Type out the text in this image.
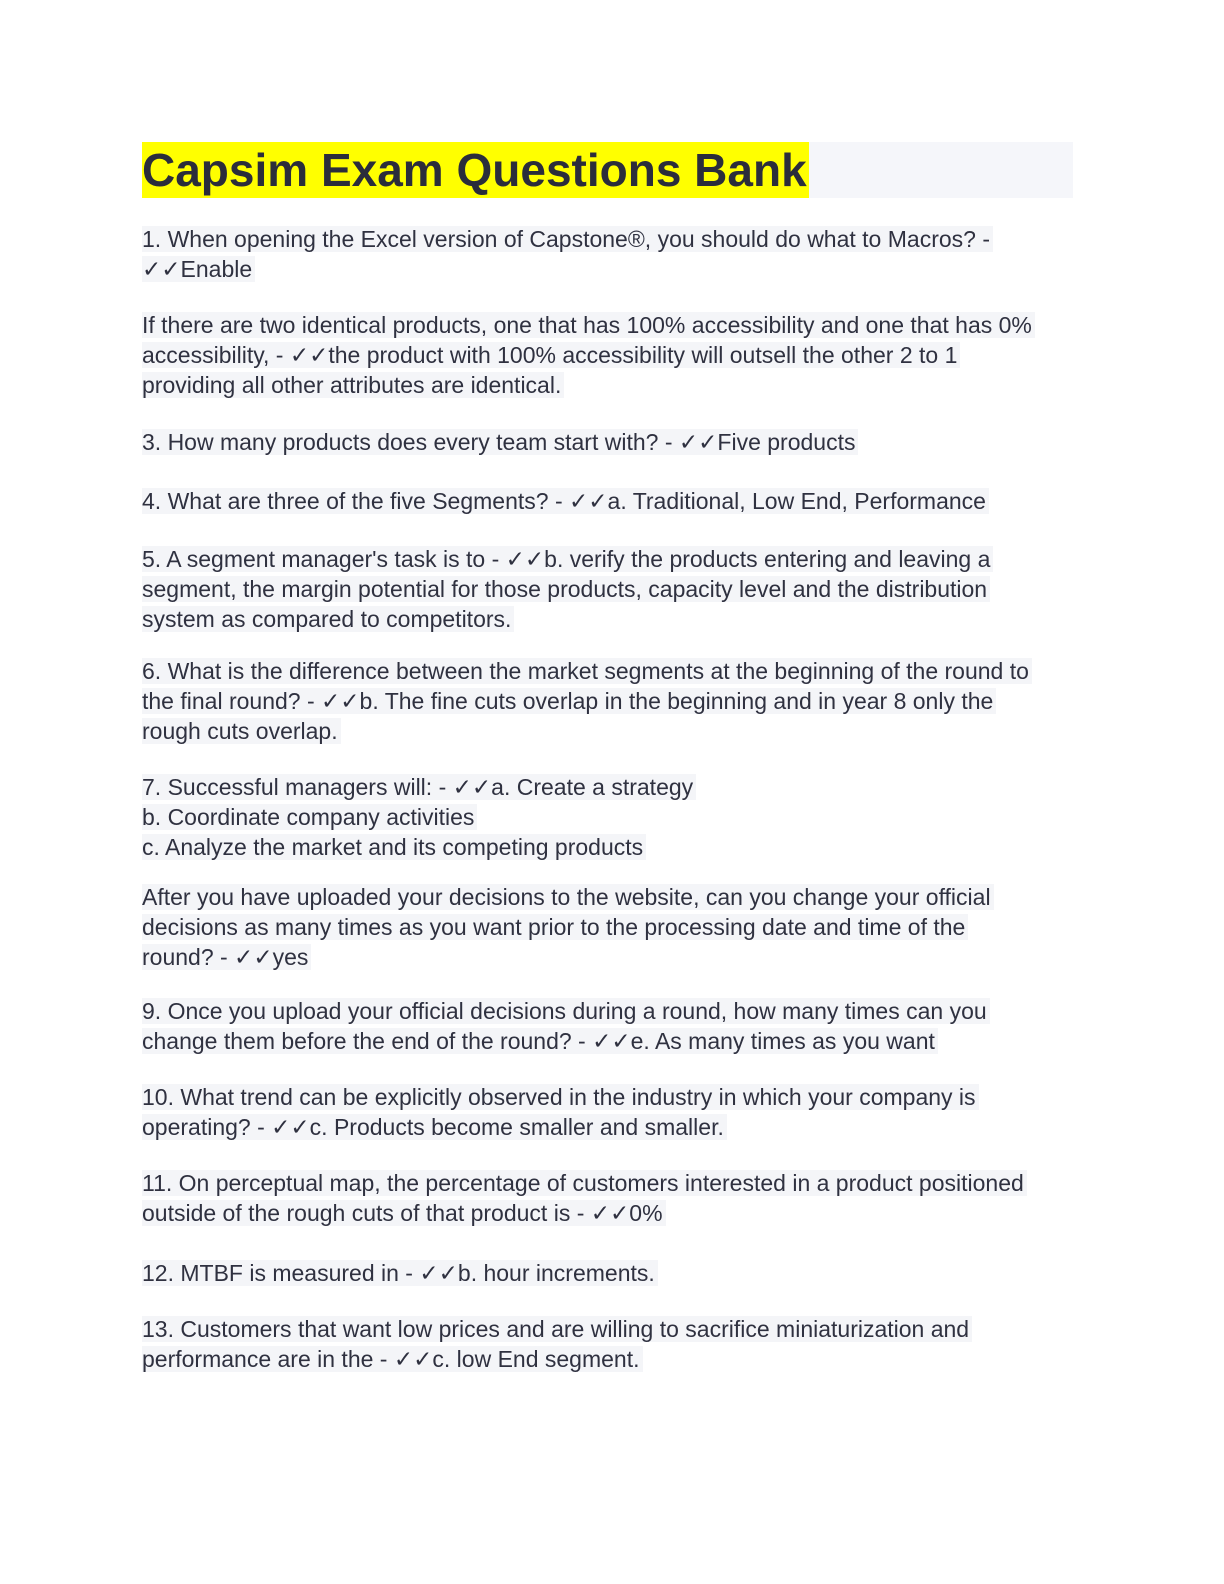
Capsim Exam Questions Bank
1. When opening the Excel version of Capstone®, you should do what to Macros? -
✓✓Enable
If there are two identical products, one that has 100% accessibility and one that has 0%
accessibility, - ✓✓the product with 100% accessibility will outsell the other 2 to 1
providing all other attributes are identical.
3. How many products does every team start with? - ✓✓Five products
4. What are three of the five Segments? - ✓✓a. Traditional, Low End, Performance
5. A segment manager's task is to - ✓✓b. verify the products entering and leaving a
segment, the margin potential for those products, capacity level and the distribution
system as compared to competitors.
6. What is the difference between the market segments at the beginning of the round to
the final round? - ✓✓b. The fine cuts overlap in the beginning and in year 8 only the
rough cuts overlap.
7. Successful managers will: - ✓✓a. Create a strategy
b. Coordinate company activities
c. Analyze the market and its competing products
After you have uploaded your decisions to the website, can you change your official
decisions as many times as you want prior to the processing date and time of the
round? - ✓✓yes
9. Once you upload your official decisions during a round, how many times can you
change them before the end of the round? - ✓✓e. As many times as you want
10. What trend can be explicitly observed in the industry in which your company is
operating? - ✓✓c. Products become smaller and smaller.
11. On perceptual map, the percentage of customers interested in a product positioned
outside of the rough cuts of that product is - ✓✓0%
12. MTBF is measured in - ✓✓b. hour increments.
13. Customers that want low prices and are willing to sacrifice miniaturization and
performance are in the - ✓✓c. low End segment.
